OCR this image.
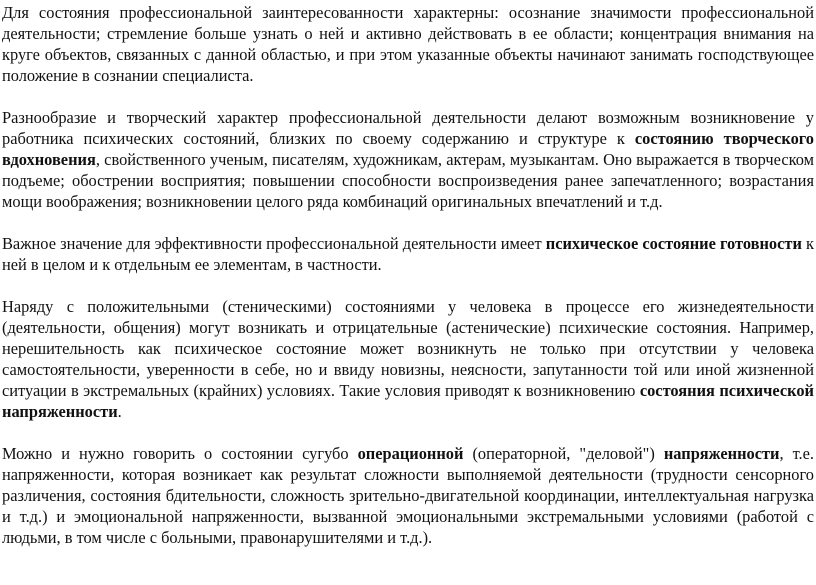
Для состояния профессиональной заинтересованности характерны: осознание значимости профессиональной деятельности; стремление больше узнать о ней и активно действовать в ее области; концентрация внимания на круге объектов, связанных с данной областью, и при этом указанные объекты начинают занимать господствующее положение в сознании специалиста.

Разнообразие и творческий характер профессиональной деятельности делают возможным возникновение у работника психических состояний, близких по своему содержанию и структуре к состоянию творческого вдохновения, свойственного ученым, писателям, художникам, актерам, музыкантам. Оно выражается в творческом подъеме; обострении восприятия; повышении способности воспроизведения ранее запечатленного; возрастания мощи воображения; возникновении целого ряда комбинаций оригинальных впечатлений и т.д.

Важное значение для эффективности профессиональной деятельности имеет психическое состояние готовности к ней в целом и к отдельным ее элементам, в частности.

Наряду с положительными (стеническими) состояниями у человека в процессе его жизнедеятельности (деятельности, общения) могут возникать и отрицательные (астенические) психические состояния. Например, нерешительность как психическое состояние может возникнуть не только при отсутствии у человека самостоятельности, уверенности в себе, но и ввиду новизны, неясности, запутанности той или иной жизненной ситуации в экстремальных (крайних) условиях. Такие условия приводят к возникновению состояния психической напряженности.

Можно и нужно говорить о состоянии сугубо операционной (операторной, "деловой") напряженности, т.е. напряженности, которая возникает как результат сложности выполняемой деятельности (трудности сенсорного различения, состояния бдительности, сложность зрительно-двигательной координации, интеллектуальная нагрузка и т.д.) и эмоциональной напряженности, вызванной эмоциональными экстремальными условиями (работой с людьми, в том числе с больными, правонарушителями и т.д.).
